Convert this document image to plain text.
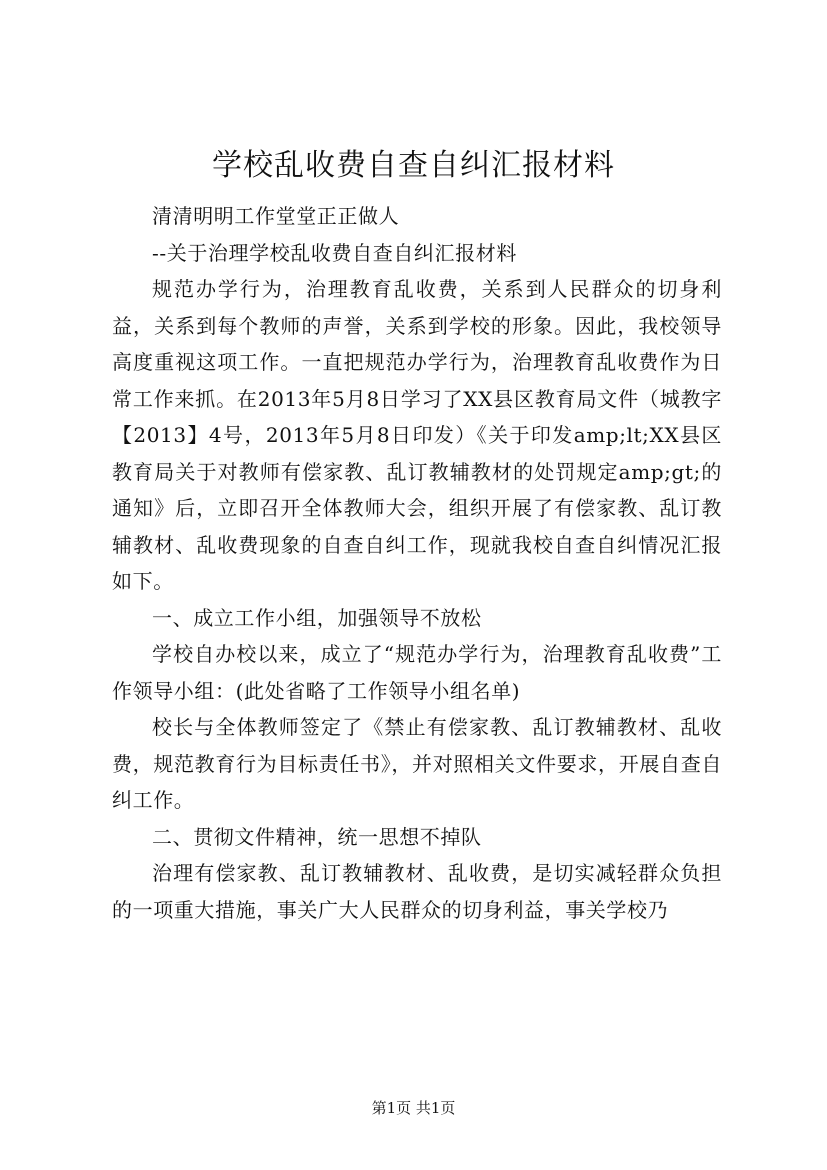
学校乱收费自查自纠汇报材料

清清明明工作堂堂正正做人

--关于治理学校乱收费自查自纠汇报材料

规范办学行为，治理教育乱收费，关系到人民群众的切身利益，关系到每个教师的声誉，关系到学校的形象。因此，我校领导高度重视这项工作。一直把规范办学行为，治理教育乱收费作为日常工作来抓。在2013年5月8日学习了XX县区教育局文件（城教字【2013】4号，2013年5月8日印发）《关于印发amp;lt;XX县区教育局关于对教师有偿家教、乱订教辅教材的处罚规定amp;gt;的通知》后，立即召开全体教师大会，组织开展了有偿家教、乱订教辅教材、乱收费现象的自查自纠工作，现就我校自查自纠情况汇报如下。

一、成立工作小组，加强领导不放松

学校自办校以来，成立了“规范办学行为，治理教育乱收费”工作领导小组：(此处省略了工作领导小组名单)

校长与全体教师签定了《禁止有偿家教、乱订教辅教材、乱收费，规范教育行为目标责任书》，并对照相关文件要求，开展自查自纠工作。

二、贯彻文件精神，统一思想不掉队

治理有偿家教、乱订教辅教材、乱收费，是切实减轻群众负担的一项重大措施，事关广大人民群众的切身利益，事关学校乃

第1页 共1页
